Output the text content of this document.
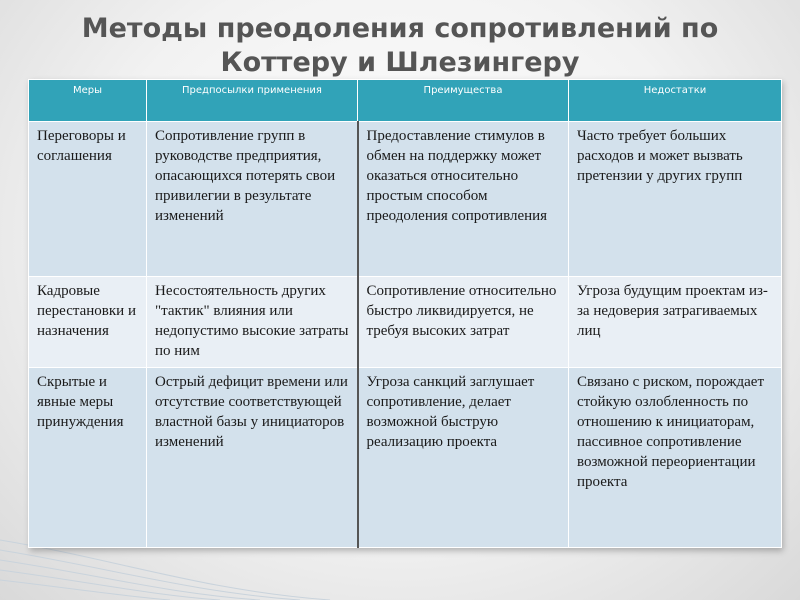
Методы преодоления сопротивлений по
Коттеру и Шлезингеру
Меры	Предпосылки применения	Преимущества	Недостатки
Переговоры и соглашения	Сопротивление групп в руководстве предприятия, опасающихся потерять свои привилегии в результате изменений	Предоставление стимулов в обмен на поддержку может оказаться относительно простым способом преодоления сопротивления	Часто требует больших расходов и может вызвать претензии у других групп
Кадровые перестановки и назначения	Несостоятельность других "тактик" влияния или недопустимо высокие затраты по ним	Сопротивление относительно быстро ликвидируется, не требуя высоких затрат	Угроза будущим проектам из-за недоверия затрагиваемых лиц
Скрытые и явные меры принуждения	Острый дефицит времени или отсутствие соответствующей властной базы у инициаторов изменений	Угроза санкций заглушает сопротивление, делает возможной быструю реализацию проекта	Связано с риском, порождает стойкую озлобленность по отношению к инициаторам, пассивное сопротивление возможной переориентации проекта
